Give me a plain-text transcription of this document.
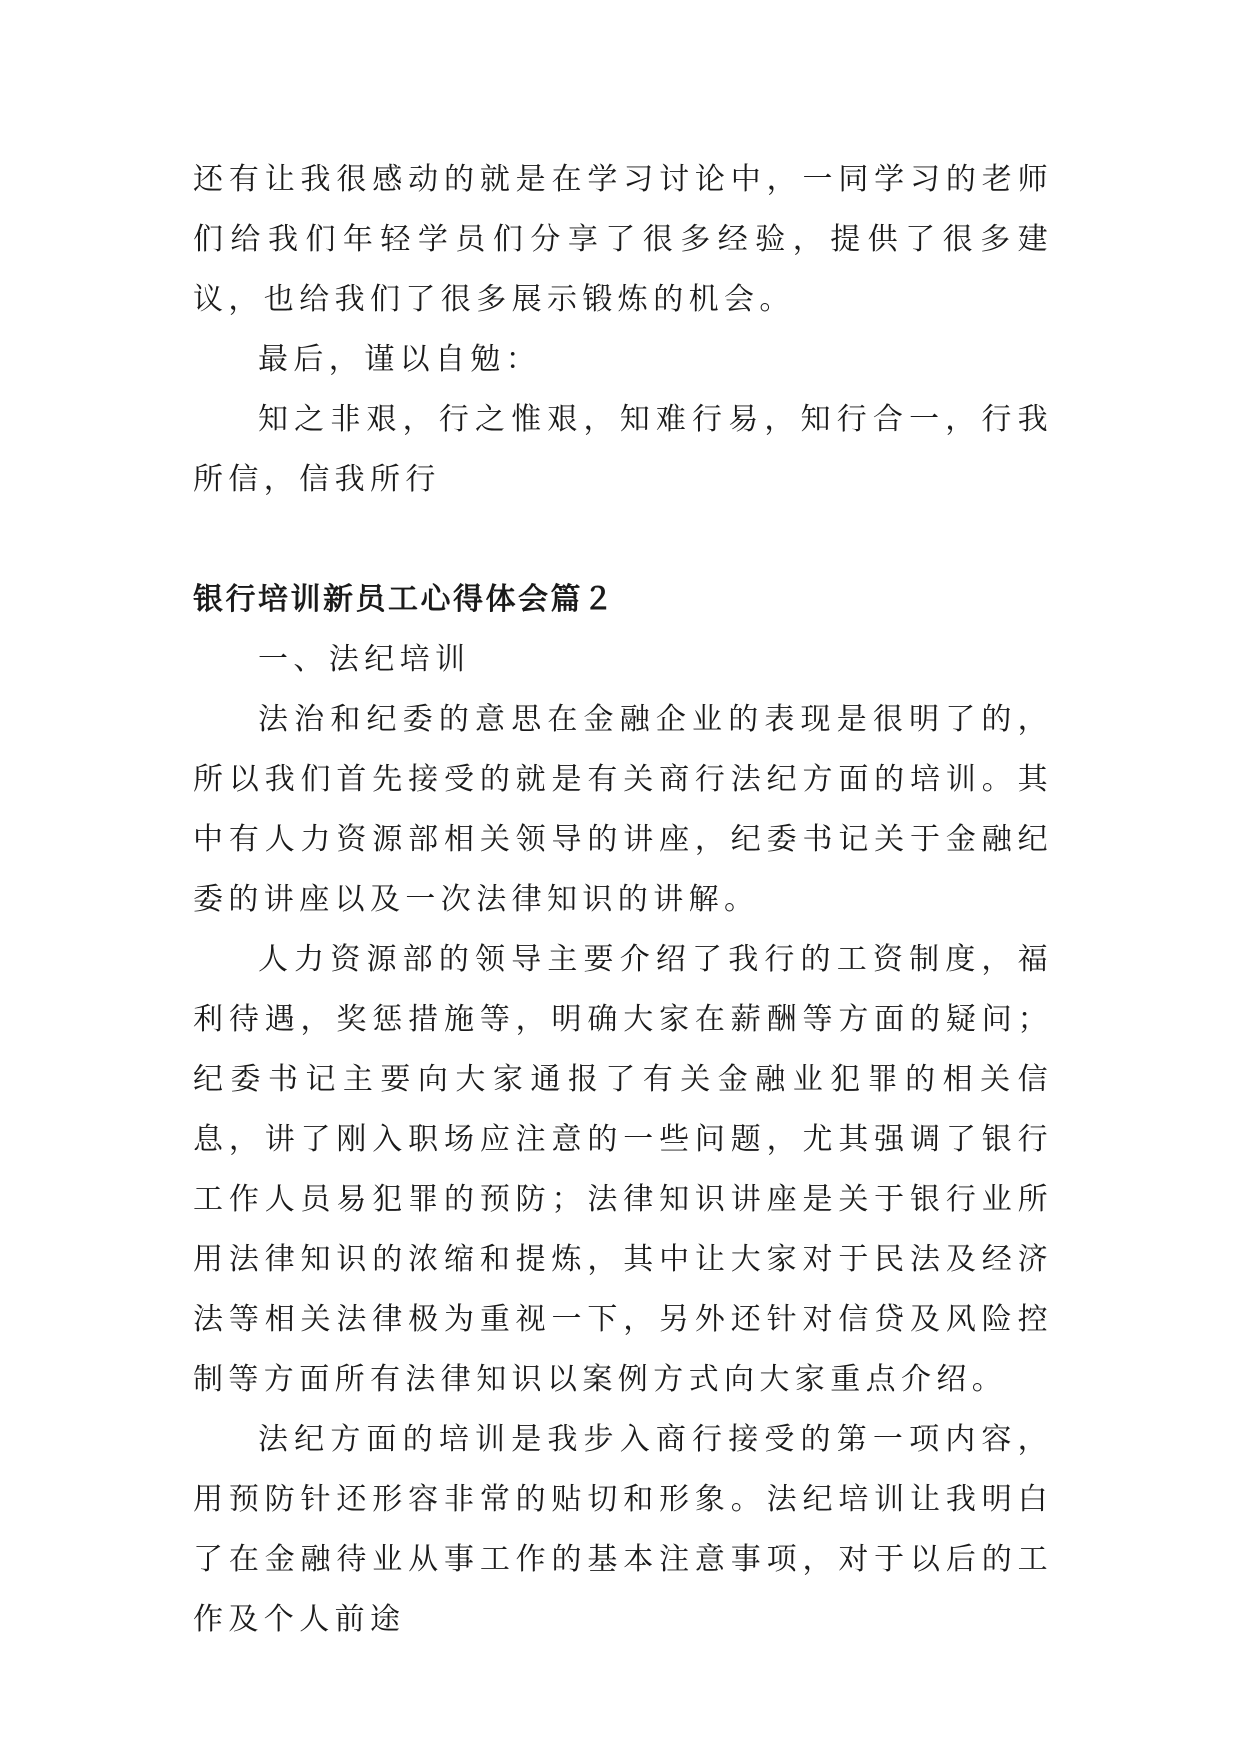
还有让我很感动的就是在学习讨论中，一同学习的老师们给我们年轻学员们分享了很多经验，提供了很多建议，也给我们了很多展示锻炼的机会。

最后，谨以自勉：

知之非艰，行之惟艰，知难行易，知行合一，行我所信，信我所行

银行培训新员工心得体会篇２

一、法纪培训

法治和纪委的意思在金融企业的表现是很明了的，所以我们首先接受的就是有关商行法纪方面的培训。其中有人力资源部相关领导的讲座，纪委书记关于金融纪委的讲座以及一次法律知识的讲解。

人力资源部的领导主要介绍了我行的工资制度，福利待遇，奖惩措施等，明确大家在薪酬等方面的疑问；纪委书记主要向大家通报了有关金融业犯罪的相关信息，讲了刚入职场应注意的一些问题，尤其强调了银行工作人员易犯罪的预防；法律知识讲座是关于银行业所用法律知识的浓缩和提炼，其中让大家对于民法及经济法等相关法律极为重视一下，另外还针对信贷及风险控制等方面所有法律知识以案例方式向大家重点介绍。

法纪方面的培训是我步入商行接受的第一项内容，用预防针还形容非常的贴切和形象。法纪培训让我明白了在金融待业从事工作的基本注意事项，对于以后的工作及个人前途
